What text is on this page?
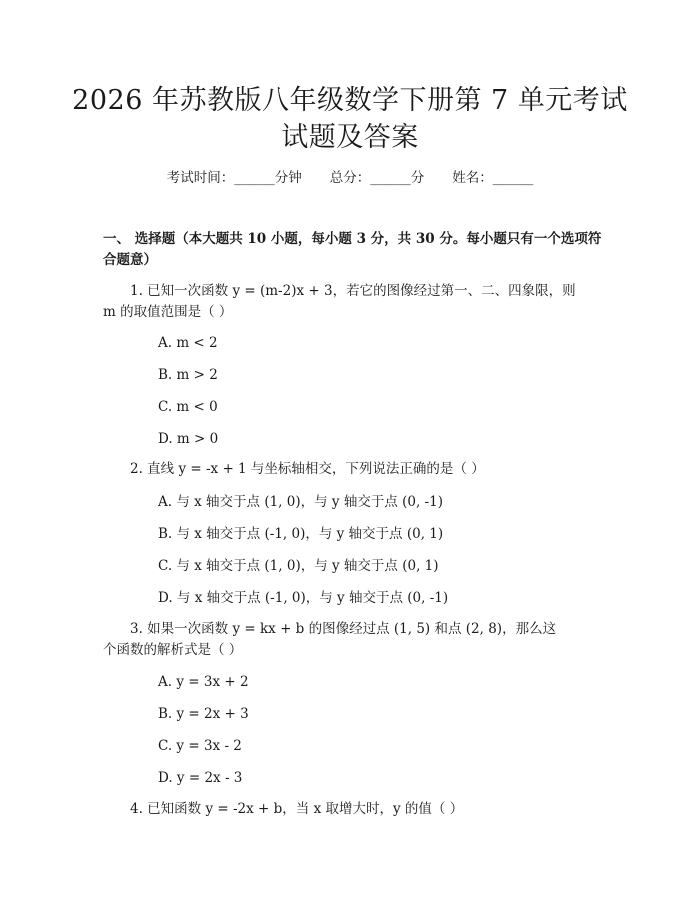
2026 年苏教版八年级数学下册第 7 单元考试
试题及答案
考试时间：______分钟 总分：______分 姓名：______
一、 选择题（本大题共 10 小题，每小题 3 分，共 30 分。每小题只有一个选项符
合题意）
1. 已知一次函数 y = (m-2)x + 3，若它的图像经过第一、二、四象限，则
m 的取值范围是（ ）
A. m < 2
B. m > 2
C. m < 0
D. m > 0
2. 直线 y = -x + 1 与坐标轴相交，下列说法正确的是（ ）
A. 与 x 轴交于点 (1, 0)，与 y 轴交于点 (0, -1)
B. 与 x 轴交于点 (-1, 0)，与 y 轴交于点 (0, 1)
C. 与 x 轴交于点 (1, 0)，与 y 轴交于点 (0, 1)
D. 与 x 轴交于点 (-1, 0)，与 y 轴交于点 (0, -1)
3. 如果一次函数 y = kx + b 的图像经过点 (1, 5) 和点 (2, 8)，那么这
个函数的解析式是（ ）
A. y = 3x + 2
B. y = 2x + 3
C. y = 3x - 2
D. y = 2x - 3
4. 已知函数 y = -2x + b，当 x 取增大时，y 的值（ ）
